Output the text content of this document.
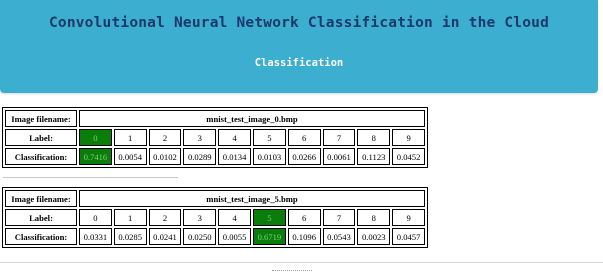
Convolutional Neural Network Classification in the Cloud
Classification
Image filename:	mnist_test_image_0.bmp									
Label:	0	1	2	3	4	5	6	7	8	9
Classification:	0.7416	0.0054	0.0102	0.0289	0.0134	0.0103	0.0266	0.0061	0.1123	0.0452
Image filename:	mnist_test_image_5.bmp									
Label:	0	1	2	3	4	5	6	7	8	9
Classification:	0.0331	0.0285	0.0241	0.0250	0.0055	0.6719	0.1096	0.0543	0.0023	0.0457
